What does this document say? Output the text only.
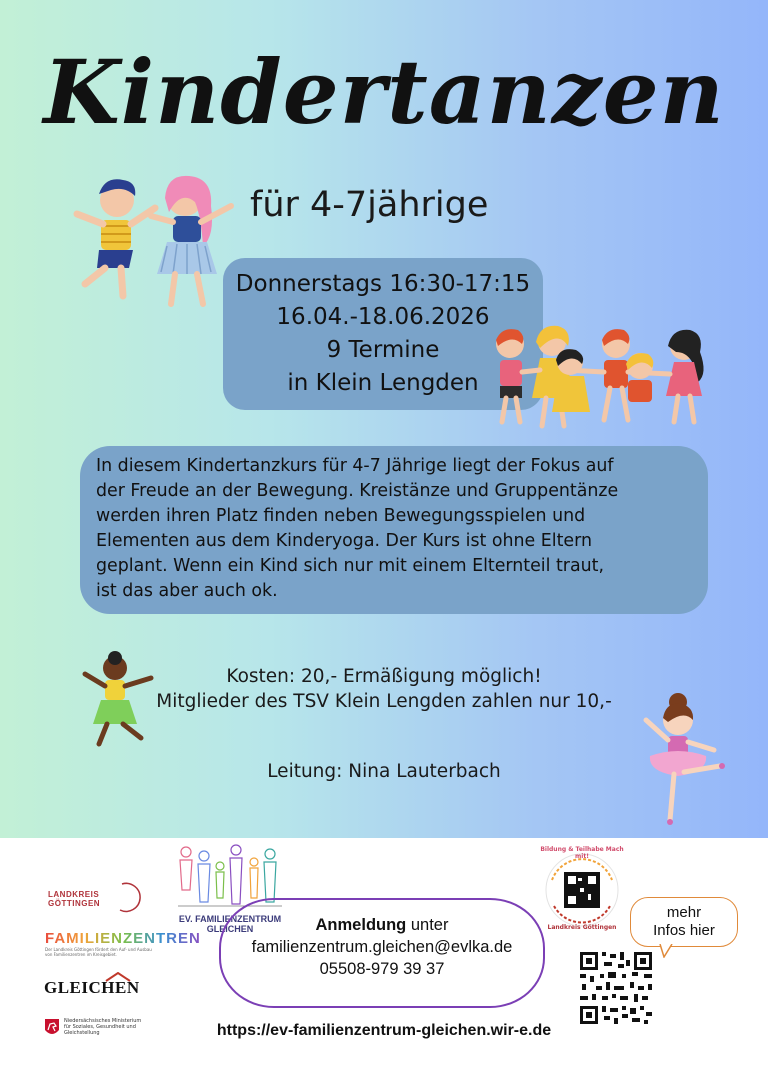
Kindertanzen
für 4-7jährige
Donnerstags 16:30-17:15
16.04.-18.06.2026
9 Termine
in Klein Lengden
In diesem Kindertanzkurs für 4-7 Jährige liegt der Fokus auf
der Freude an der Bewegung. Kreistänze und Gruppentänze
werden ihren Platz finden neben Bewegungsspielen und
Elementen aus dem Kinderyoga. Der Kurs ist ohne Eltern
geplant. Wenn ein Kind sich nur mit einem Elternteil traut,
ist das aber auch ok.
Kosten: 20,- Ermäßigung möglich!
Mitglieder des TSV Klein Lengden zahlen nur 10,-
Leitung: Nina Lauterbach
LANDKREIS GÖTTINGEN
FAMILIENZENTREN
Der Landkreis Göttingen fördert den Auf- und Ausbau von Familienzentren im Kreisgebiet.
GLEICHEN
Niedersächsisches Ministerium für Soziales, Gesundheit und Gleichstellung
EV. FAMILIENZENTRUM
GLEICHEN
Bildung & Teilhabe Mach mit!
Landkreis Göttingen
mehr
Infos hier
Anmeldung unter
familienzentrum.gleichen@evlka.de
05508-979 39 37
https://ev-familienzentrum-gleichen.wir-e.de
